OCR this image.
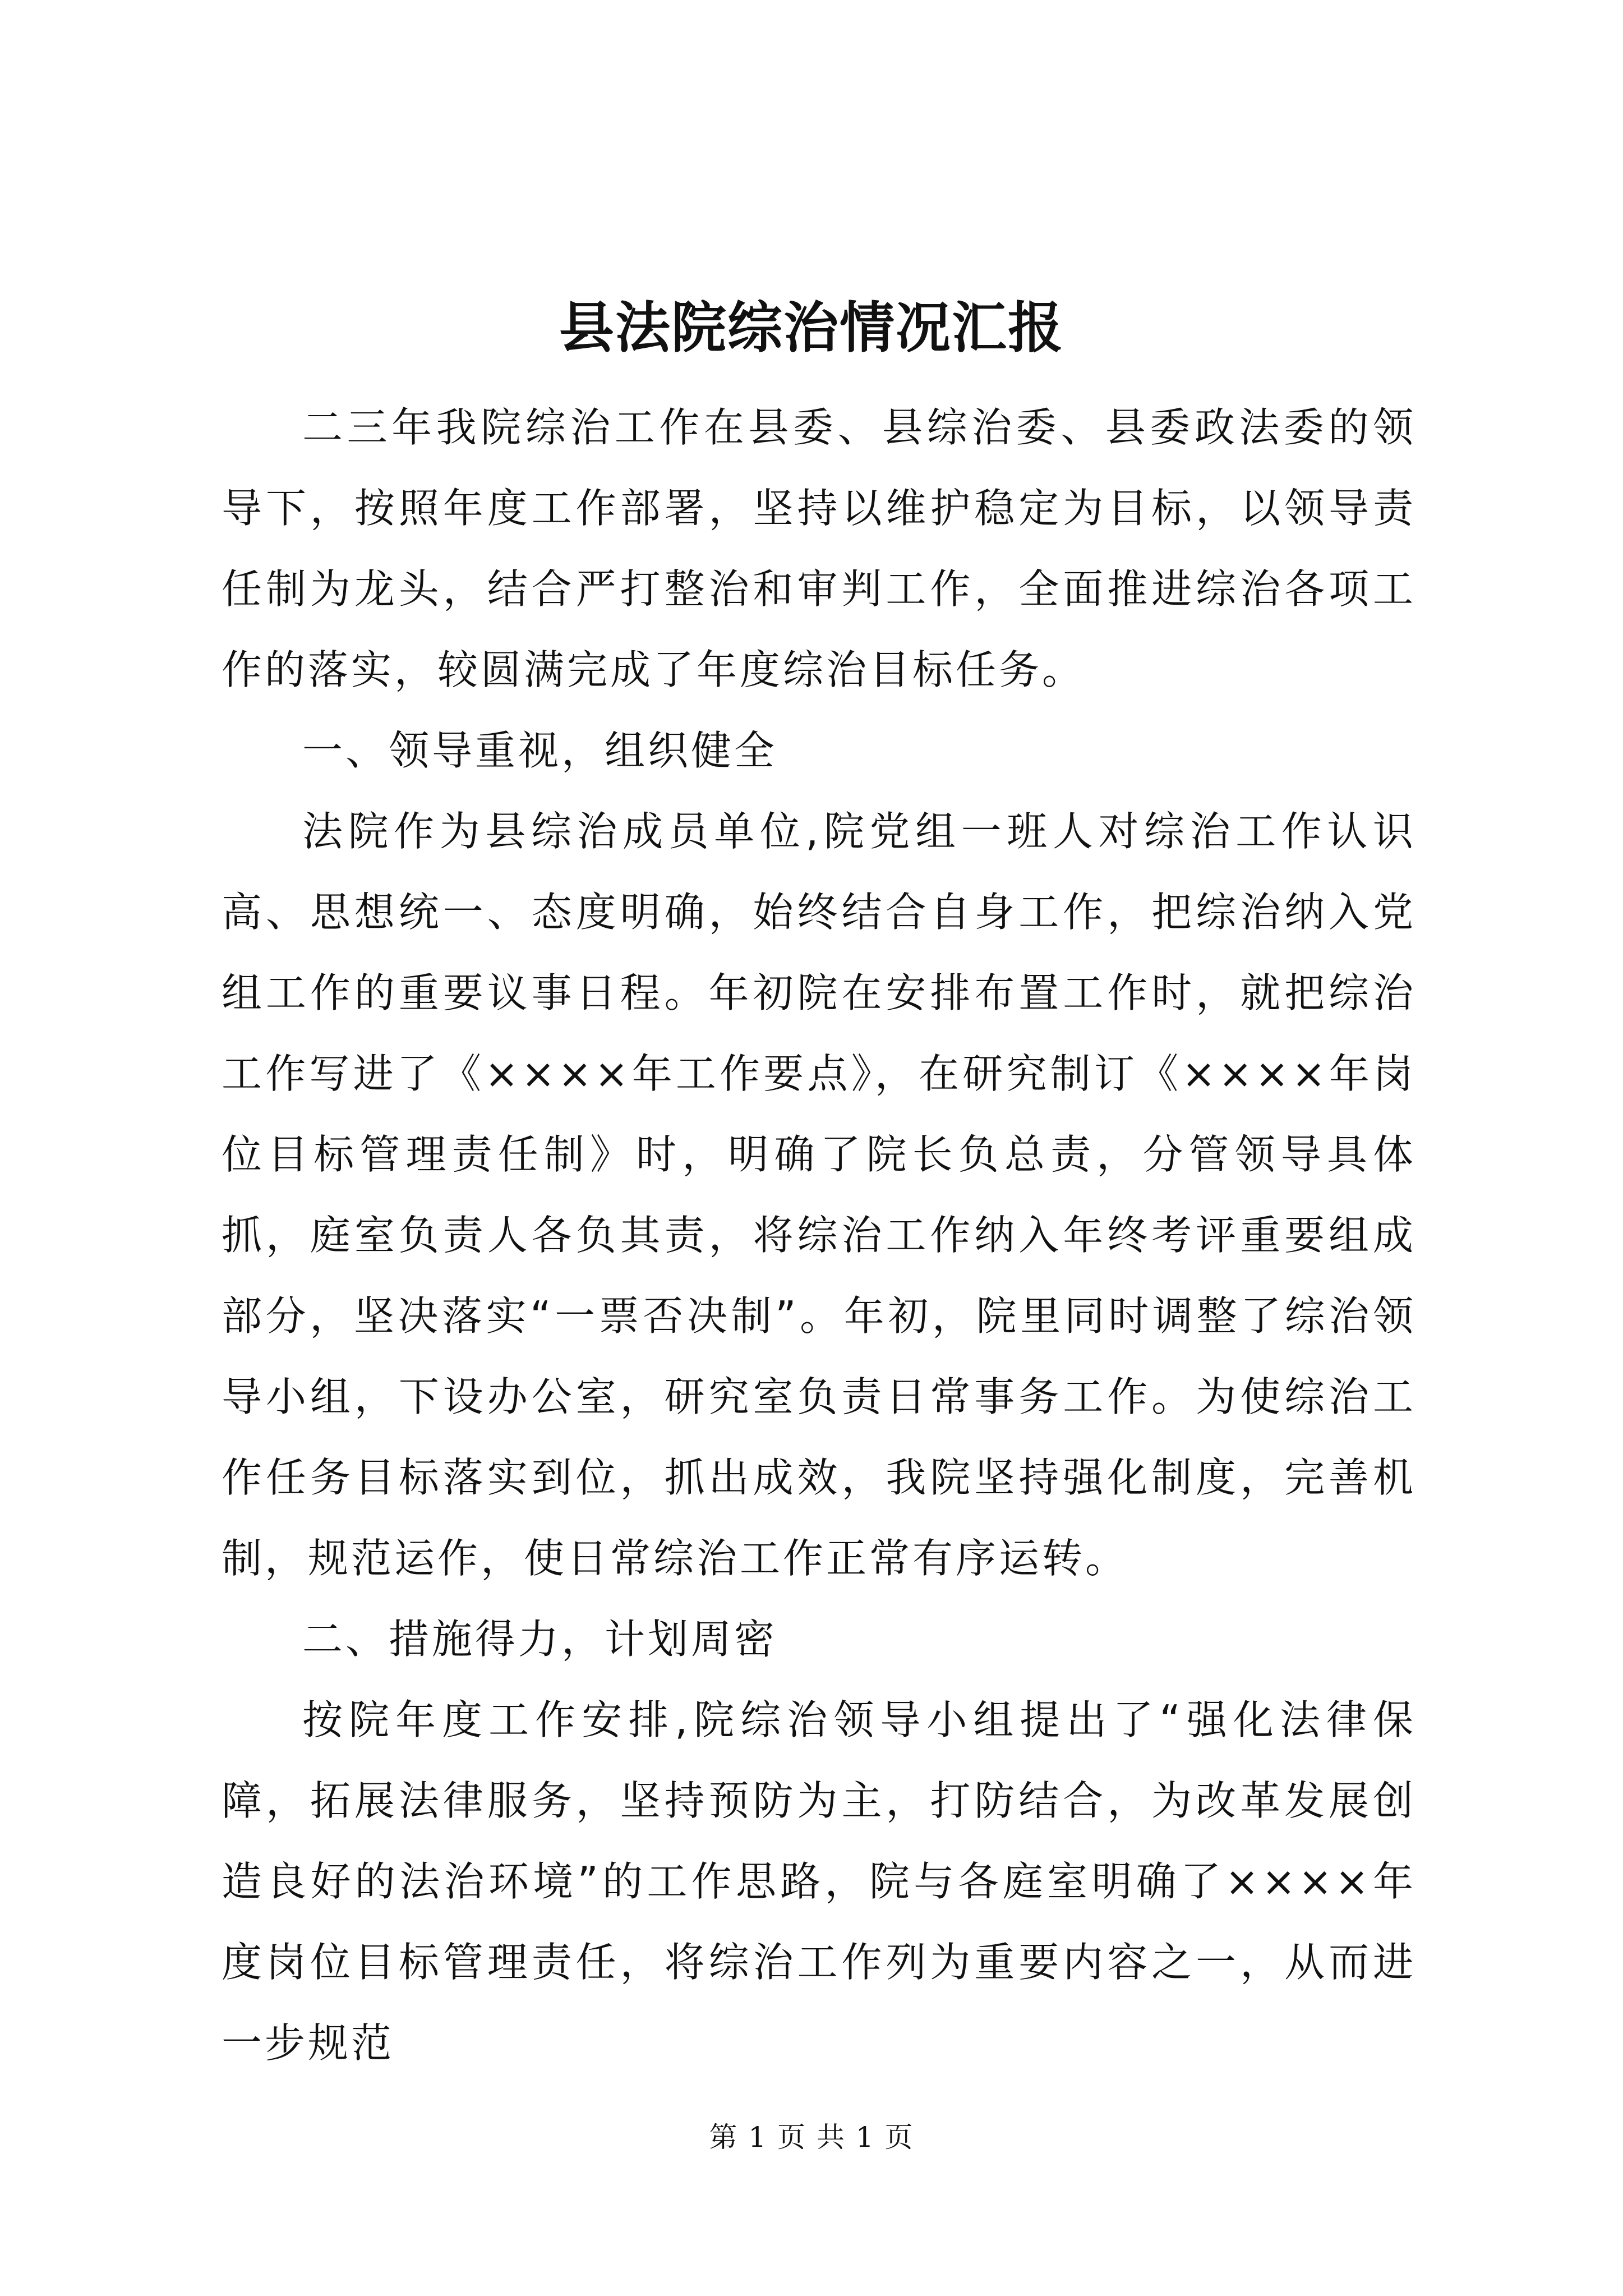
县法院综治情况汇报

二三年我院综治工作在县委、县综治委、县委政法委的领导下，按照年度工作部署，坚持以维护稳定为目标，以领导责任制为龙头，结合严打整治和审判工作，全面推进综治各项工作的落实，较圆满完成了年度综治目标任务。

一、领导重视，组织健全

法院作为县综治成员单位,院党组一班人对综治工作认识高、思想统一、态度明确，始终结合自身工作，把综治纳入党组工作的重要议事日程。年初院在安排布置工作时，就把综治工作写进了《××××年工作要点》，在研究制订《××××年岗位目标管理责任制》时，明确了院长负总责，分管领导具体抓，庭室负责人各负其责，将综治工作纳入年终考评重要组成部分，坚决落实“一票否决制”。年初，院里同时调整了综治领导小组，下设办公室，研究室负责日常事务工作。为使综治工作任务目标落实到位，抓出成效，我院坚持强化制度，完善机制，规范运作，使日常综治工作正常有序运转。

二、措施得力，计划周密

按院年度工作安排,院综治领导小组提出了“强化法律保障，拓展法律服务，坚持预防为主，打防结合，为改革发展创造良好的法治环境”的工作思路，院与各庭室明确了××××年度岗位目标管理责任，将综治工作列为重要内容之一，从而进一步规范

第 1 页 共 1 页
